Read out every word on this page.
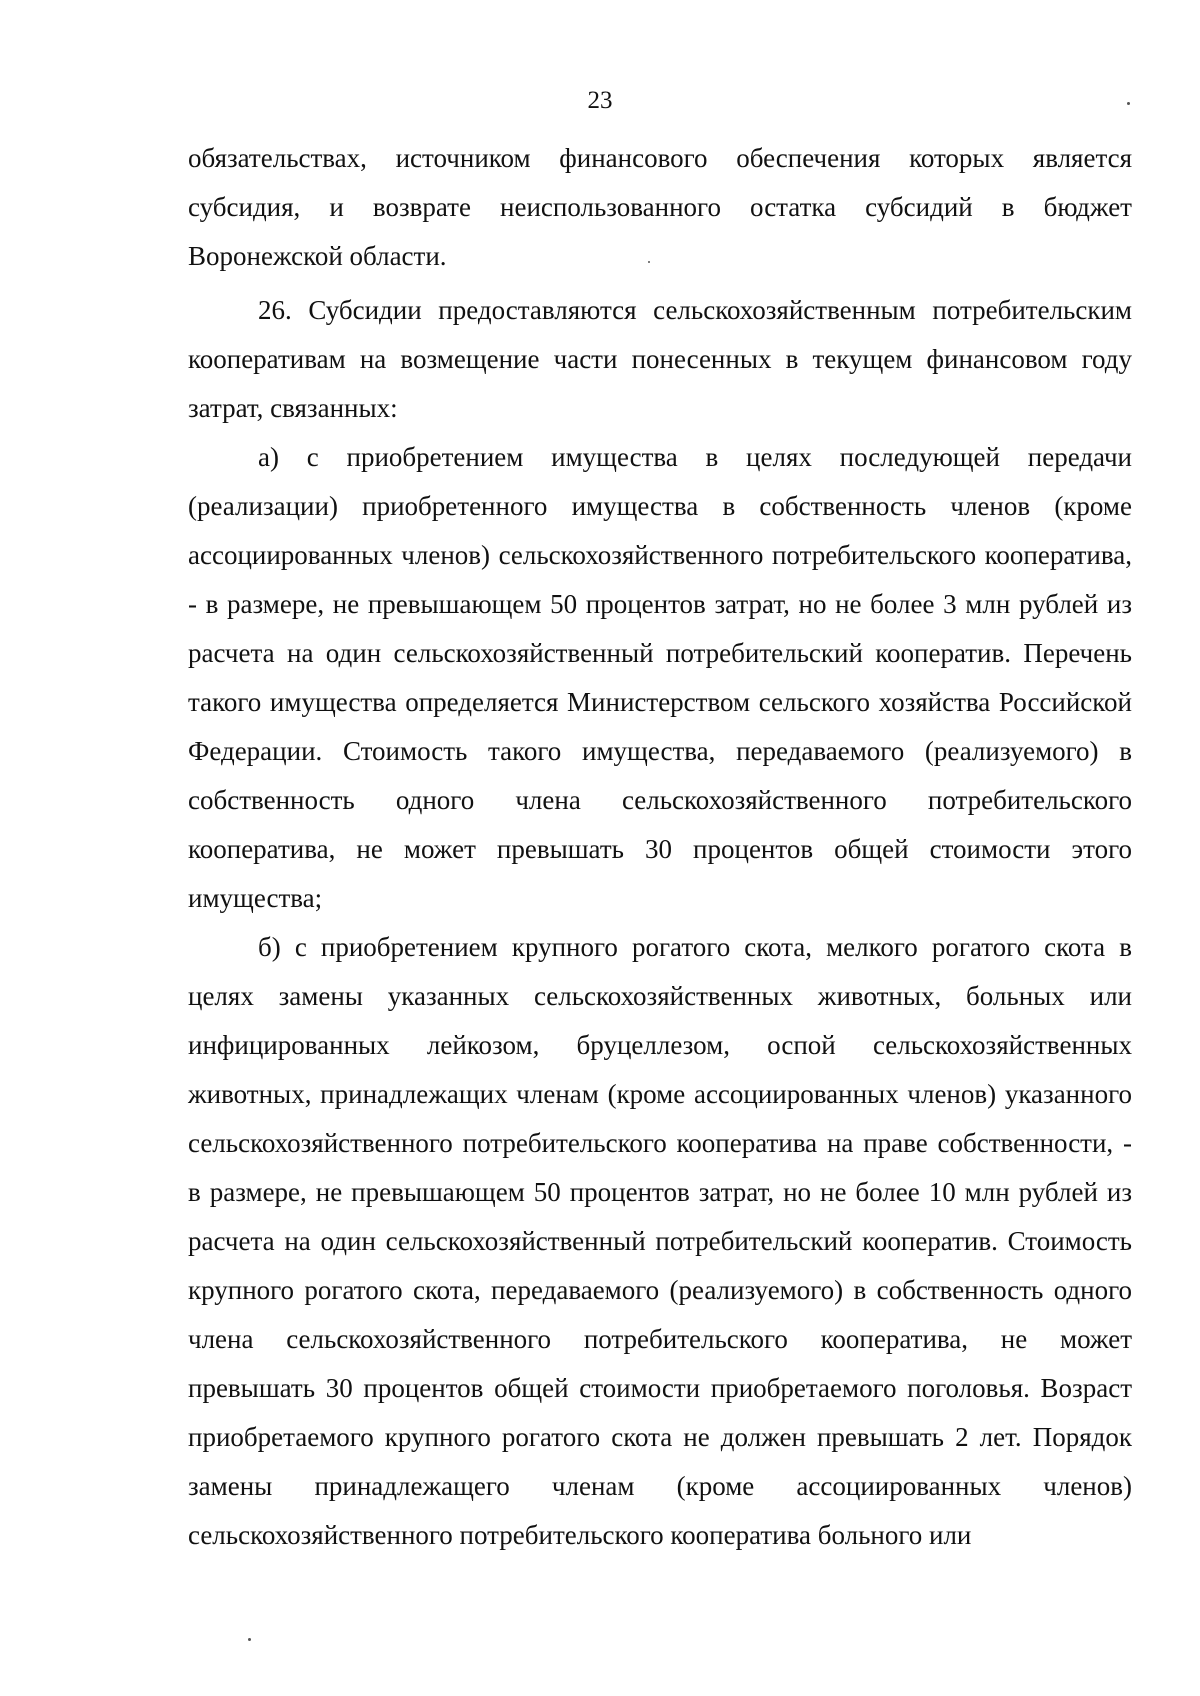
23

обязательствах, источником финансового обеспечения которых является субсидия, и возврате неиспользованного остатка субсидий в бюджет Воронежской области.

26. Субсидии предоставляются сельскохозяйственным потребительским кооперативам на возмещение части понесенных в текущем финансовом году затрат, связанных:

а) с приобретением имущества в целях последующей передачи (реализации) приобретенного имущества в собственность членов (кроме ассоциированных членов) сельскохозяйственного потребительского кооператива, - в размере, не превышающем 50 процентов затрат, но не более 3 млн рублей из расчета на один сельскохозяйственный потребительский кооператив. Перечень такого имущества определяется Министерством сельского хозяйства Российской Федерации. Стоимость такого имущества, передаваемого (реализуемого) в собственность одного члена сельскохозяйственного потребительского кооператива, не может превышать 30 процентов общей стоимости этого имущества;

б) с приобретением крупного рогатого скота, мелкого рогатого скота в целях замены указанных сельскохозяйственных животных, больных или инфицированных лейкозом, бруцеллезом, оспой сельскохозяйственных животных, принадлежащих членам (кроме ассоциированных членов) указанного сельскохозяйственного потребительского кооператива на праве собственности, - в размере, не превышающем 50 процентов затрат, но не более 10 млн рублей из расчета на один сельскохозяйственный потребительский кооператив. Стоимость крупного рогатого скота, передаваемого (реализуемого) в собственность одного члена сельскохозяйственного потребительского кооператива, не может превышать 30 процентов общей стоимости приобретаемого поголовья. Возраст приобретаемого крупного рогатого скота не должен превышать 2 лет. Порядок замены принадлежащего членам (кроме ассоциированных членов) сельскохозяйственного потребительского кооператива больного или
